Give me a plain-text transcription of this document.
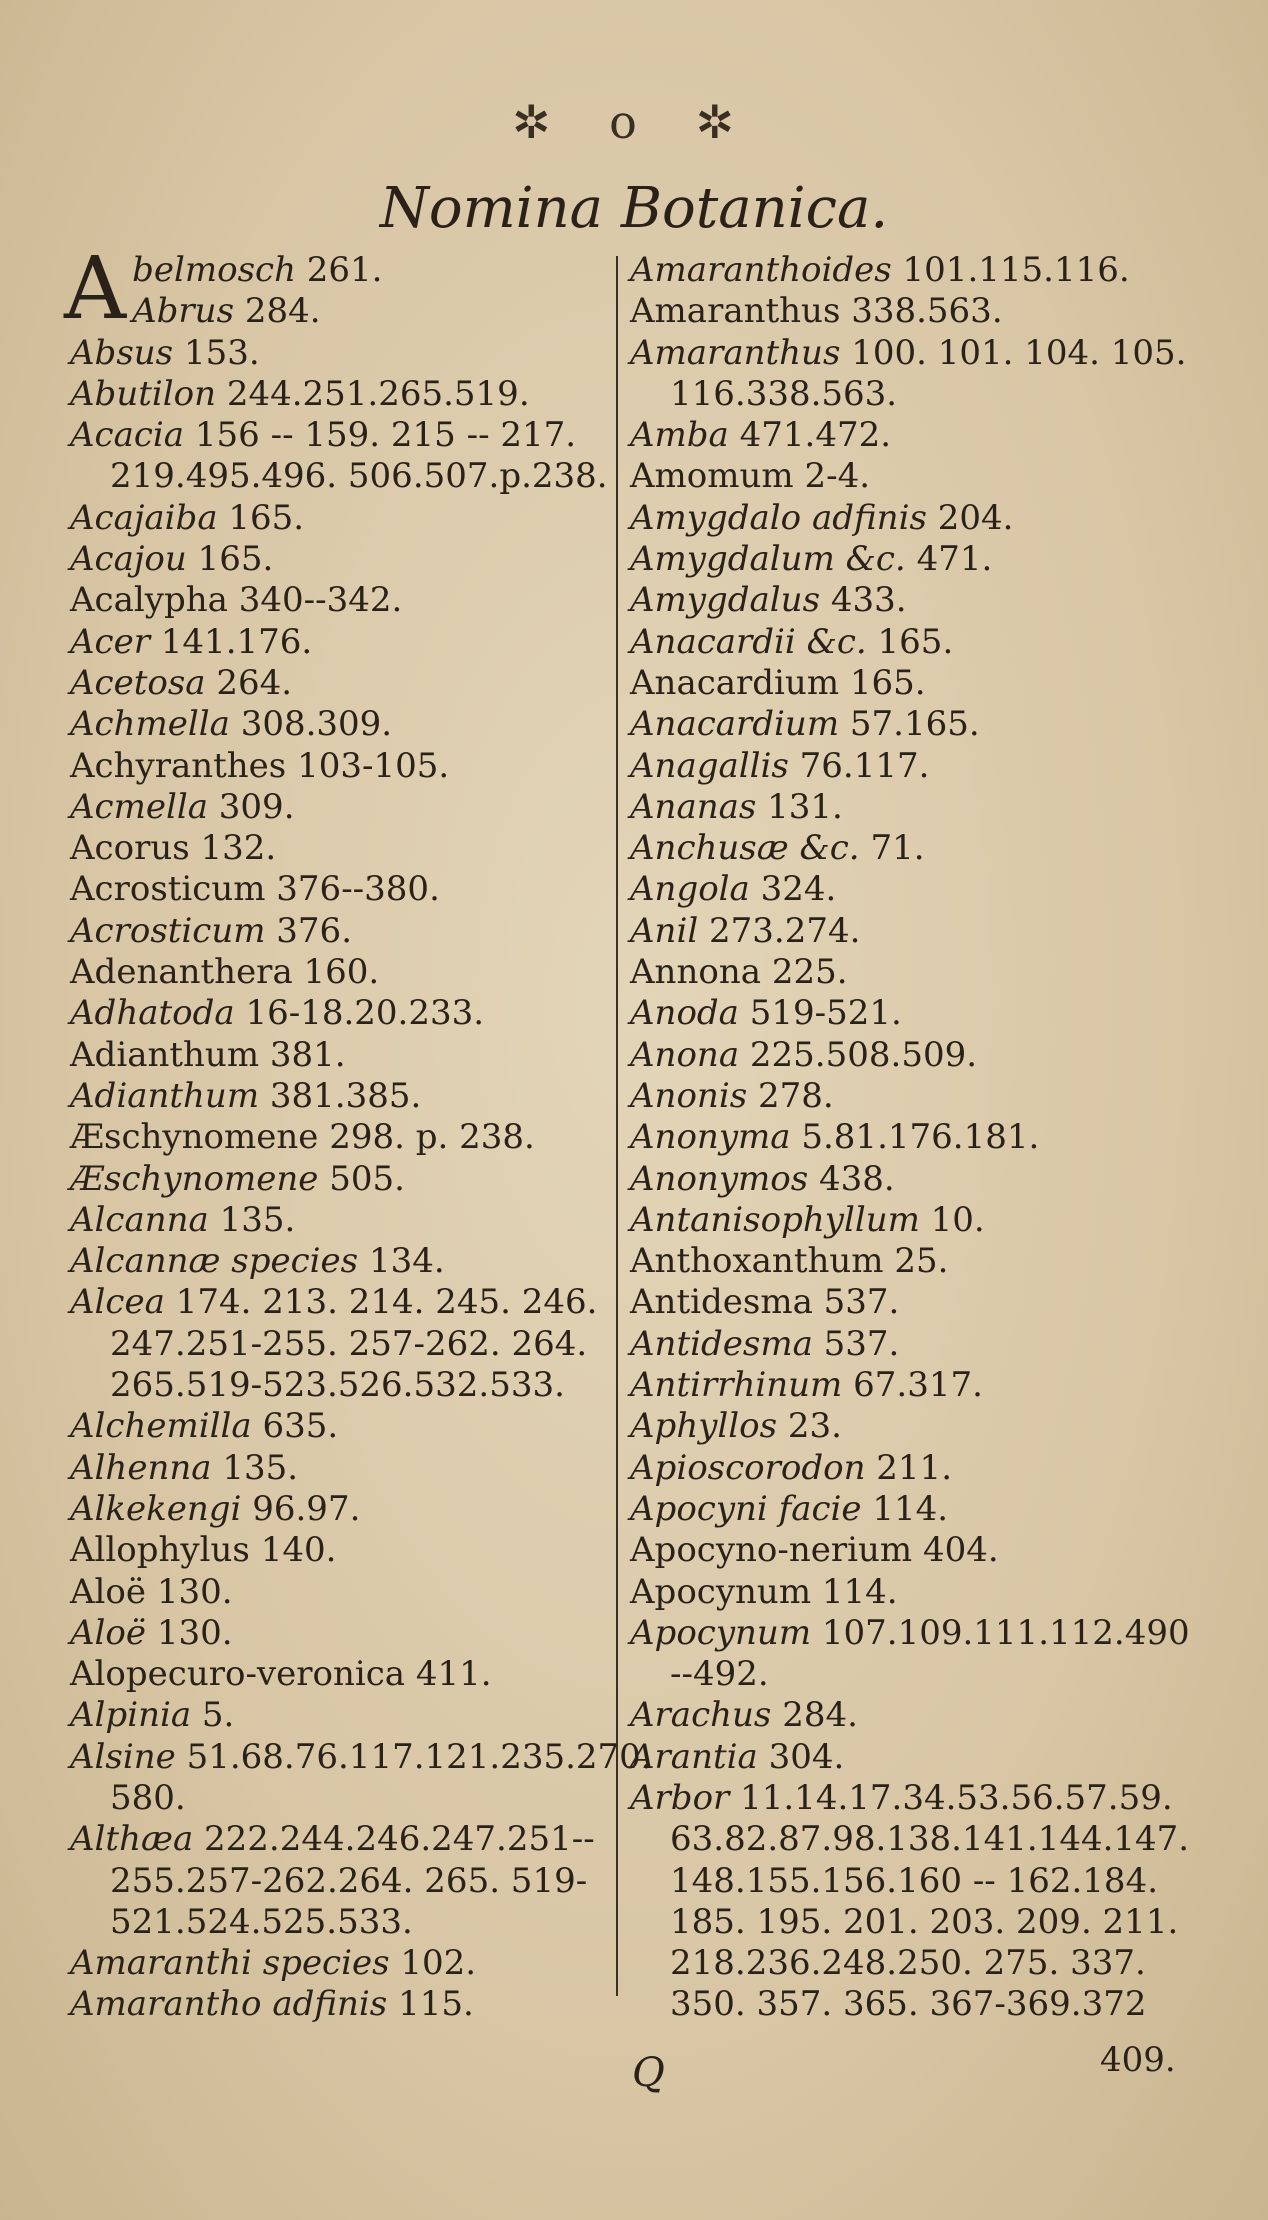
✲ o ✲
Nomina Botanica.
Abelmosch 261.
Abrus 284.
Absus 153.
Abutilon 244.251.265.519.
Acacia 156 -- 159. 215 -- 217.
219.495.496. 506.507.p.238.
Acajaiba 165.
Acajou 165.
Acalypha 340--342.
Acer 141.176.
Acetosa 264.
Achmella 308.309.
Achyranthes 103-105.
Acmella 309.
Acorus 132.
Acrosticum 376--380.
Acrosticum 376.
Adenanthera 160.
Adhatoda 16-18.20.233.
Adianthum 381.
Adianthum 381.385.
Æschynomene 298. p. 238.
Æschynomene 505.
Alcanna 135.
Alcannæ species 134.
Alcea 174. 213. 214. 245. 246.
247.251-255. 257-262. 264.
265.519-523.526.532.533.
Alchemilla 635.
Alhenna 135.
Alkekengi 96.97.
Allophylus 140.
Aloë 130.
Aloë 130.
Alopecuro-veronica 411.
Alpinia 5.
Alsine 51.68.76.117.121.235.270.
580.
Althæa 222.244.246.247.251--
255.257-262.264. 265. 519-
521.524.525.533.
Amaranthi species 102.
Amarantho adfinis 115.
Amaranthoides 101.115.116.
Amaranthus 338.563.
Amaranthus 100. 101. 104. 105.
116.338.563.
Amba 471.472.
Amomum 2-4.
Amygdalo adfinis 204.
Amygdalum &c. 471.
Amygdalus 433.
Anacardii &c. 165.
Anacardium 165.
Anacardium 57.165.
Anagallis 76.117.
Ananas 131.
Anchusæ &c. 71.
Angola 324.
Anil 273.274.
Annona 225.
Anoda 519-521.
Anona 225.508.509.
Anonis 278.
Anonyma 5.81.176.181.
Anonymos 438.
Antanisophyllum 10.
Anthoxanthum 25.
Antidesma 537.
Antidesma 537.
Antirrhinum 67.317.
Aphyllos 23.
Apioscorodon 211.
Apocyni facie 114.
Apocyno-nerium 404.
Apocynum 114.
Apocynum 107.109.111.112.490
--492.
Arachus 284.
Arantia 304.
Arbor 11.14.17.34.53.56.57.59.
63.82.87.98.138.141.144.147.
148.155.156.160 -- 162.184.
185. 195. 201. 203. 209. 211.
218.236.248.250. 275. 337.
350. 357. 365. 367-369.372
Q	409.
